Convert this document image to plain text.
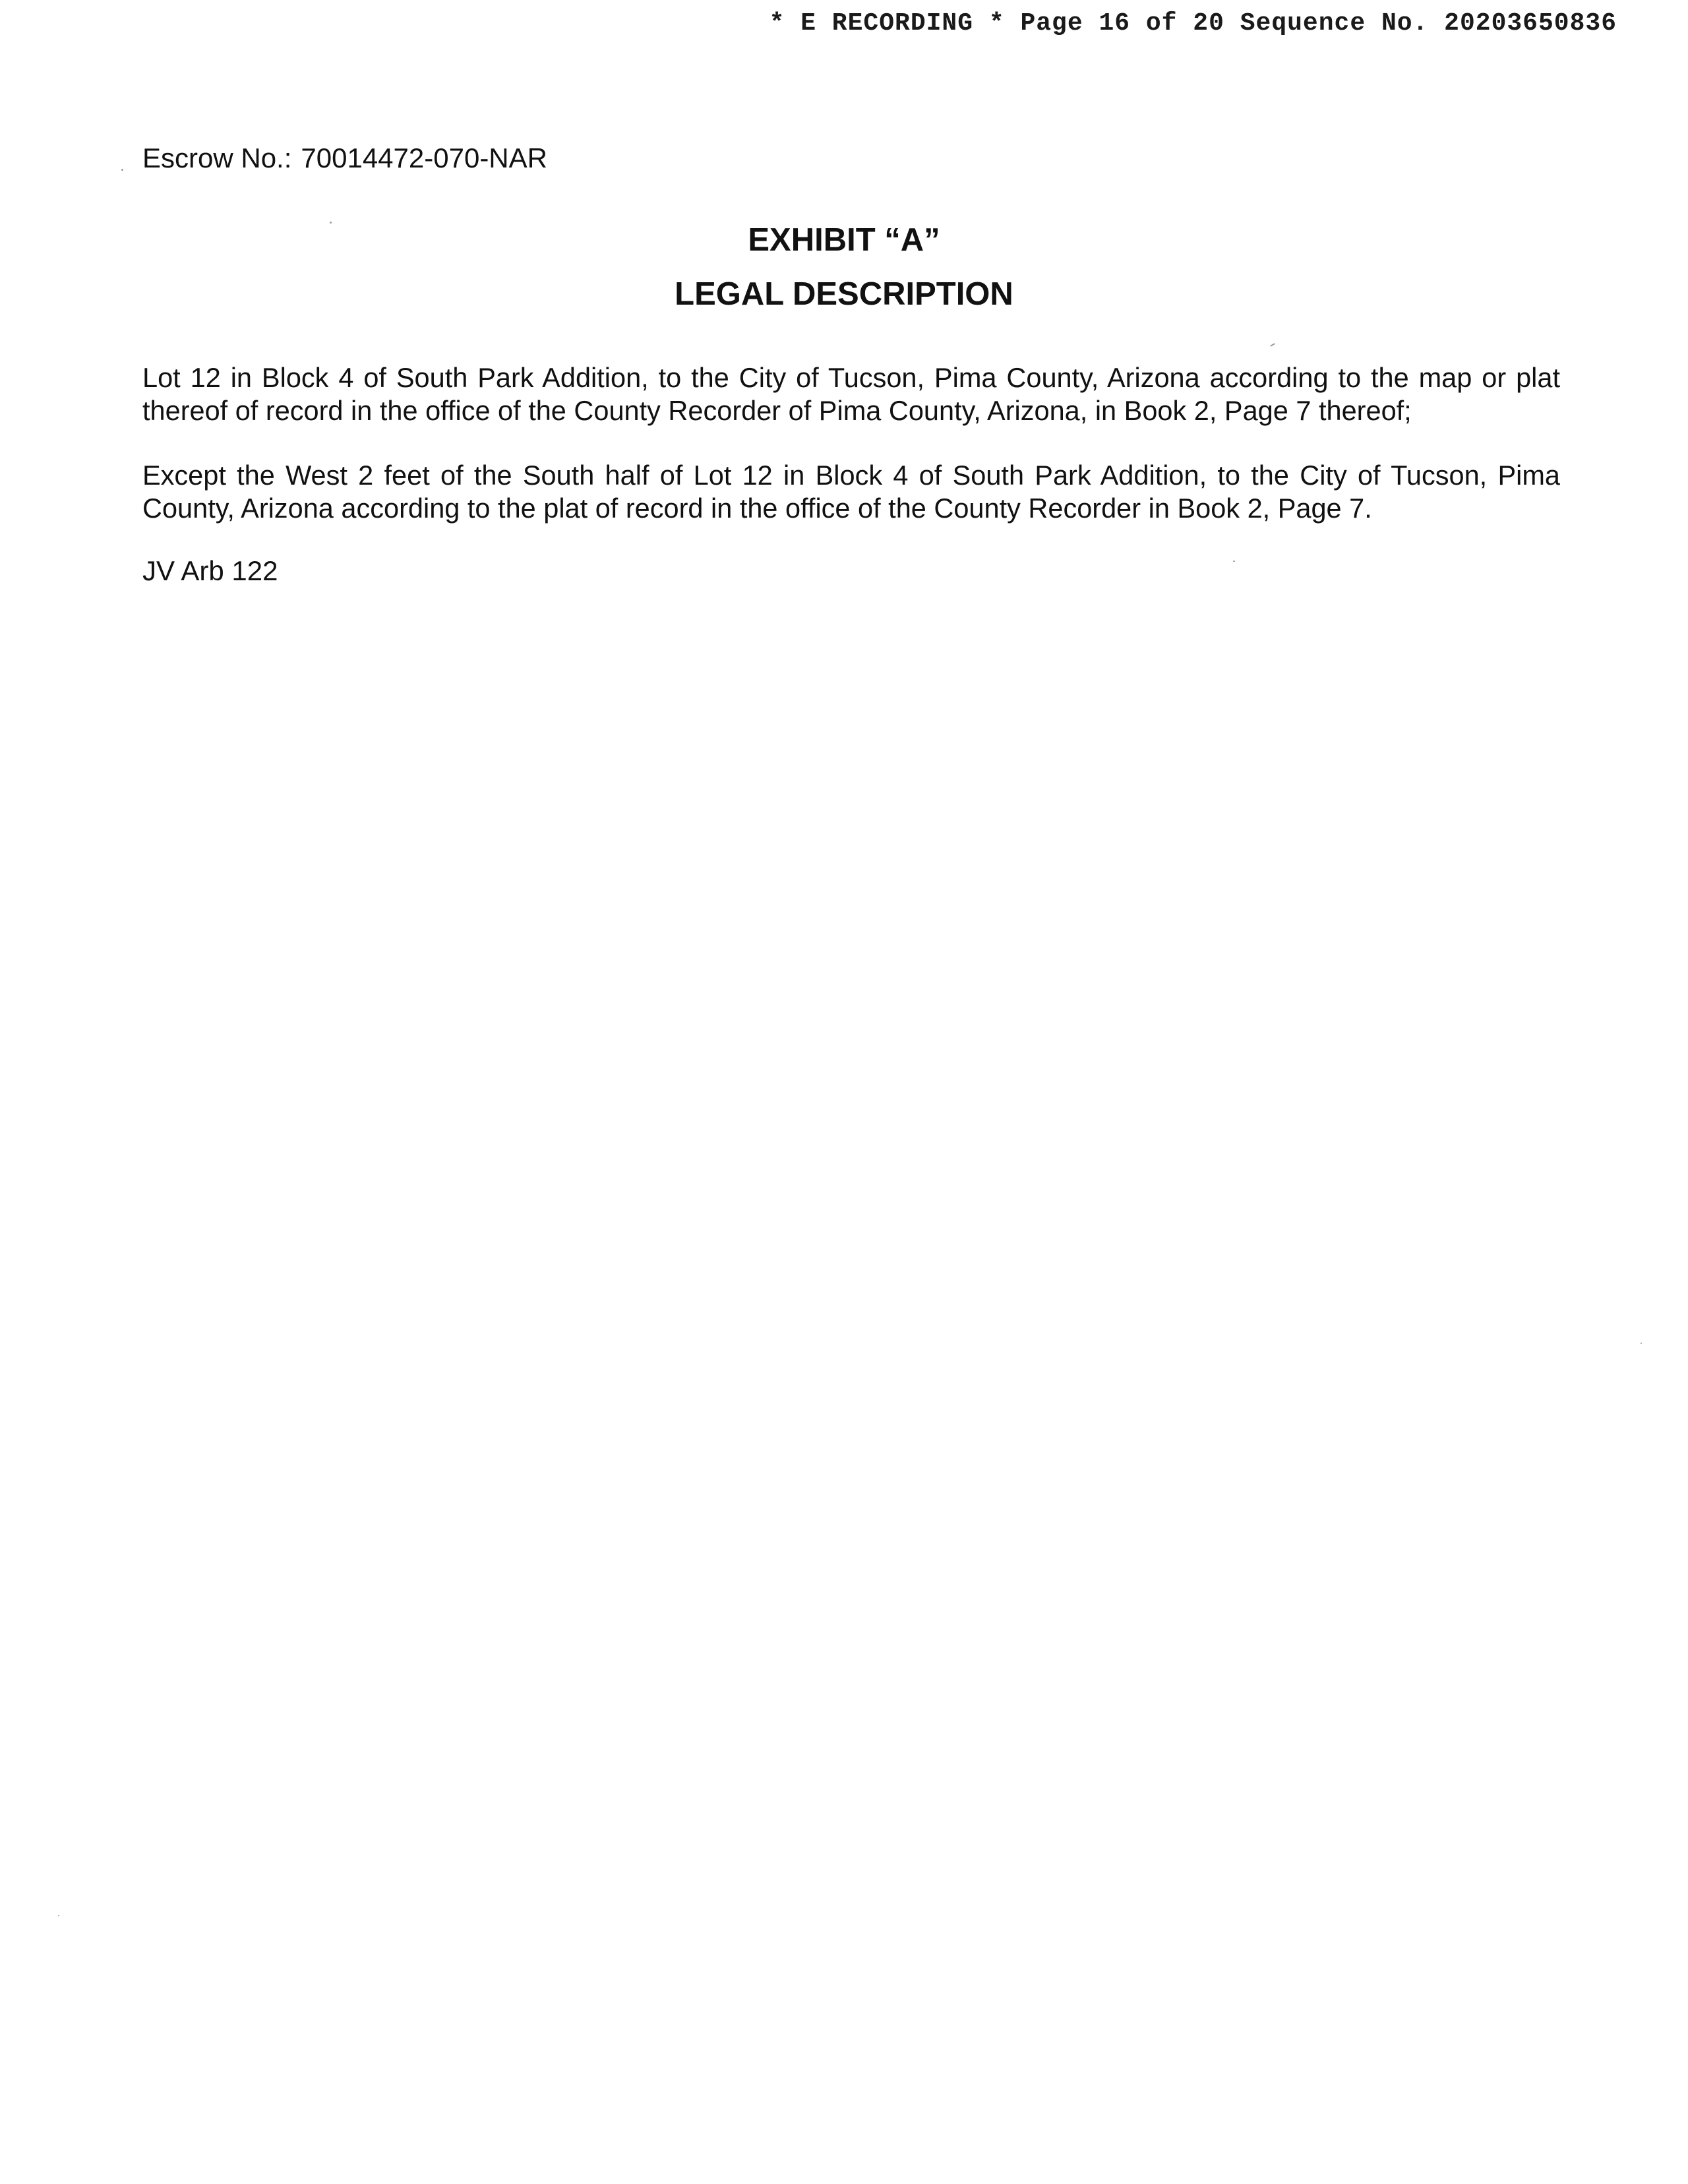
* E RECORDING * Page 16 of 20 Sequence No. 20203650836
Escrow No.: 70014472-070-NAR
EXHIBIT “A”
LEGAL DESCRIPTION
Lot 12 in Block 4 of South Park Addition, to the City of Tucson, Pima County, Arizona according to the map or plat thereof of record in the office of the County Recorder of Pima County, Arizona, in Book 2, Page 7 thereof;
Except the West 2 feet of the South half of Lot 12 in Block 4 of South Park Addition, to the City of Tucson, Pima County, Arizona according to the plat of record in the office of the County Recorder in Book 2, Page 7.
JV Arb 122
